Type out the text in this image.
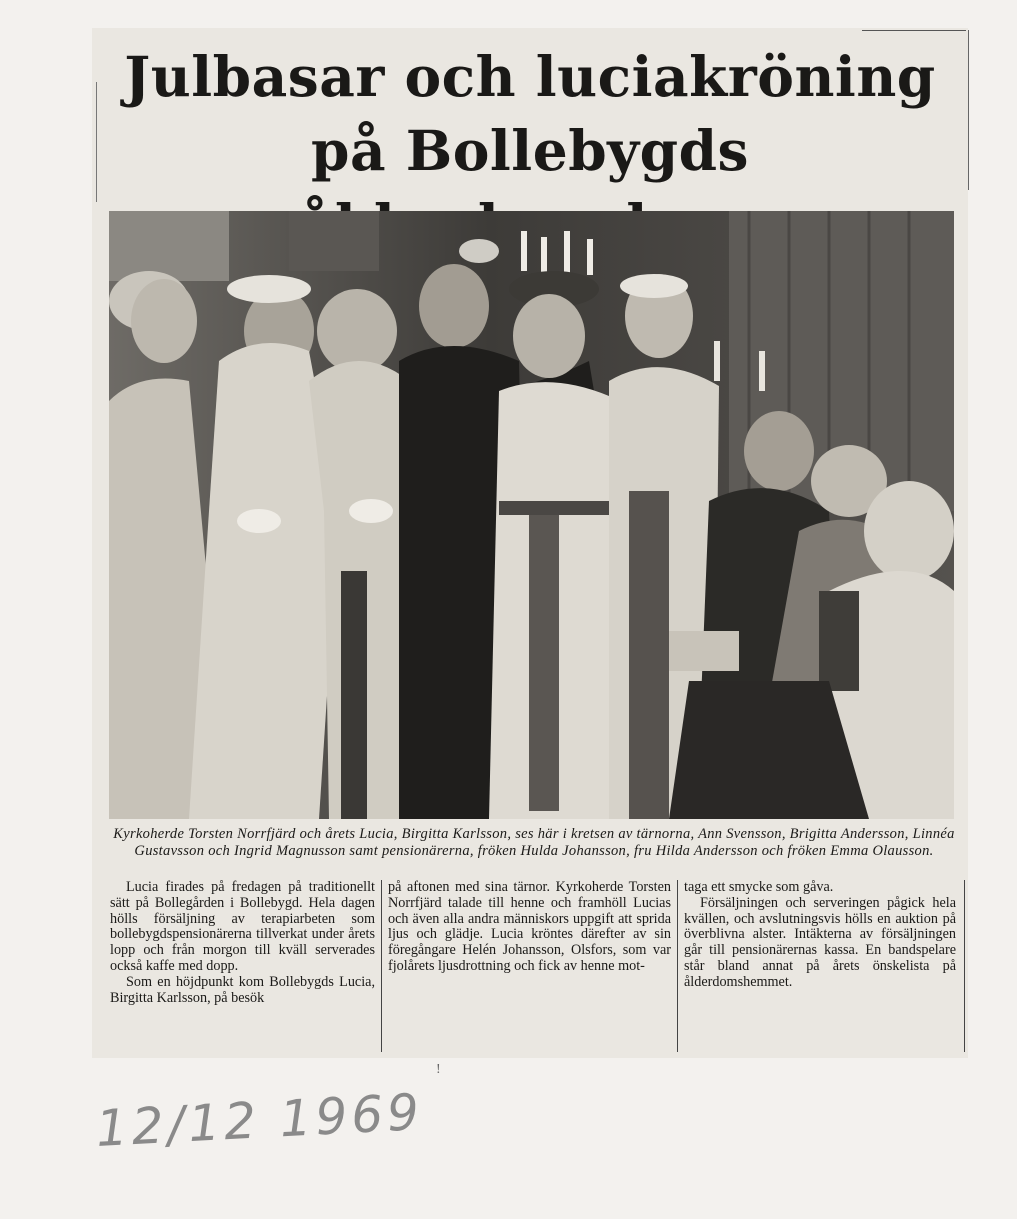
Julbasar och luciakröning
på Bollebygds

Kyrkoherde Torsten Norrfjärd och årets Lucia, Birgitta Karlsson, ses här i kretsen av tärnorna, Ann Svensson, Brigitta Andersson, Linnéa Gustavsson och Ingrid Magnusson samt pensionärerna, fröken Hulda Johansson, fru Hilda Andersson och fröken Emma Olausson.

Lucia firades på fredagen på traditionellt sätt på Bollegården i Bollebygd. Hela dagen hölls försäljning av terapiarbeten som bollebygdspensionärerna tillverkat under årets lopp och från morgon till kväll serverades också kaffe med dopp.

Som en höjdpunkt kom Bollebygds Lucia, Birgitta Karlsson, på besök

på aftonen med sina tärnor. Kyrkoherde Torsten Norrfjärd talade till henne och framhöll Lucias och även alla andra människors uppgift att sprida ljus och glädje. Lucia kröntes därefter av sin föregångare Helén Johansson, Olsfors, som var fjolårets ljusdrottning och fick av henne mot-

taga ett smycke som gåva.

Försäljningen och serveringen pågick hela kvällen, och avslutningsvis hölls en auktion på överblivna alster. Intäkterna av försäljningen går till pensionärernas kassa. En bandspelare står bland annat på årets önskelista på ålderdomshemmet.

!
12/12 1969
